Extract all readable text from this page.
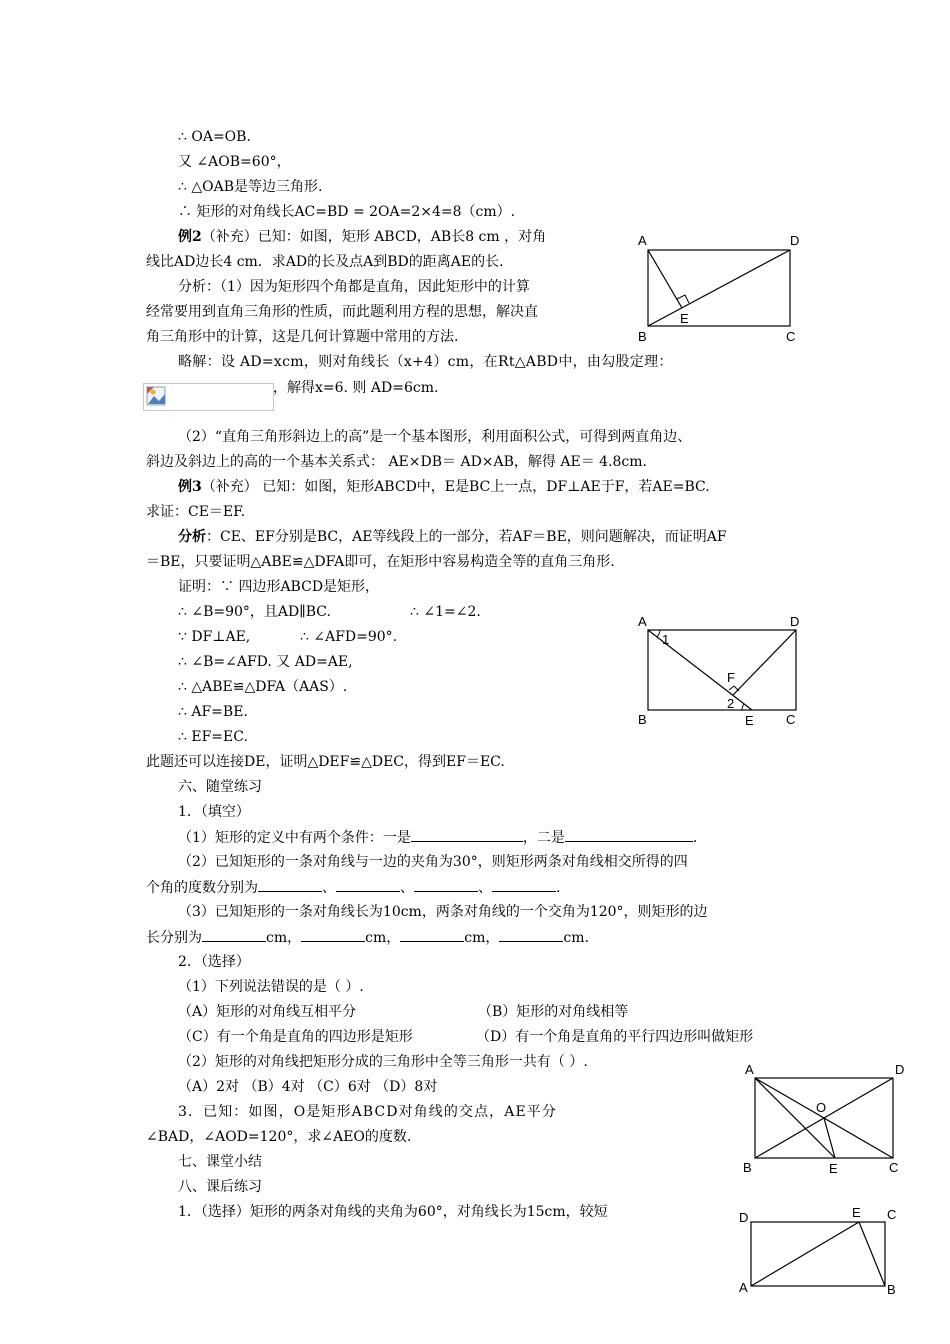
∴ OA=OB.
又 ∠AOB=60°，
∴ △OAB是等边三角形.
∴ 矩形的对角线长AC=BD = 2OA=2×4=8（cm）.
例2（补充）已知：如图，矩形 ABCD，AB长8 cm ，对角
线比AD边长4 cm．求AD的长及点A到BD的距离AE的长.
分析：（1）因为矩形四个角都是直角，因此矩形中的计算
经常要用到直角三角形的性质，而此题利用方程的思想，解决直
角三角形中的计算，这是几何计算题中常用的方法.
略解：设 AD=xcm，则对角线长（x+4）cm，在Rt△ABD中，由勾股定理：
，解得x=6. 则 AD=6cm.
（2）“直角三角形斜边上的高”是一个基本图形，利用面积公式，可得到两直角边、
斜边及斜边上的高的一个基本关系式： AE×DB＝ AD×AB，解得 AE＝ 4.8cm.
例3（补充） 已知：如图，矩形ABCD中，E是BC上一点，DF⊥AE于F，若AE=BC.
求证：CE＝EF.
分析：CE、EF分别是BC，AE等线段上的一部分，若AF＝BE，则问题解决，而证明AF
＝BE，只要证明△ABE≌△DFA即可，在矩形中容易构造全等的直角三角形.
证明：∵ 四边形ABCD是矩形，
∴ ∠B=90°，且AD∥BC.	∴ ∠1=∠2.
∵ DF⊥AE,	∴ ∠AFD=90°.
∴ ∠B=∠AFD. 又 AD=AE,
∴ △ABE≌△DFA（AAS）.
∴ AF=BE.
∴ EF=EC.
此题还可以连接DE，证明△DEF≌△DEC，得到EF＝EC.
六、随堂练习
1．（填空）
（1）矩形的定义中有两个条件：一是	，二是	.
（2）已知矩形的一条对角线与一边的夹角为30°，则矩形两条对角线相交所得的四
个角的度数分别为	、	、	、	.
（3）已知矩形的一条对角线长为10cm，两条对角线的一个交角为120°，则矩形的边
长分别为	cm，	cm，	cm，	cm.
2．（选择）
（1）下列说法错误的是（ ）.
（A）矩形的对角线互相平分	（B）矩形的对角线相等
（C）有一个角是直角的四边形是矩形	（D）有一个角是直角的平行四边形叫做矩形
（2）矩形的对角线把矩形分成的三角形中全等三角形一共有（ ）.
（A）2对 （B）4对 （C）6对 （D）8对
3．已知：如图，O是矩形ABCD对角线的交点，AE平分
∠BAD，∠AOD=120°，求∠AEO的度数.
七、课堂小结
八、课后练习
1．（选择）矩形的两条对角线的夹角为60°，对角线长为15cm，较短
A	D
E
B	C
A	D
1
F
2
B	E C
A	D
O
B	E	C
D	E C
A	B
